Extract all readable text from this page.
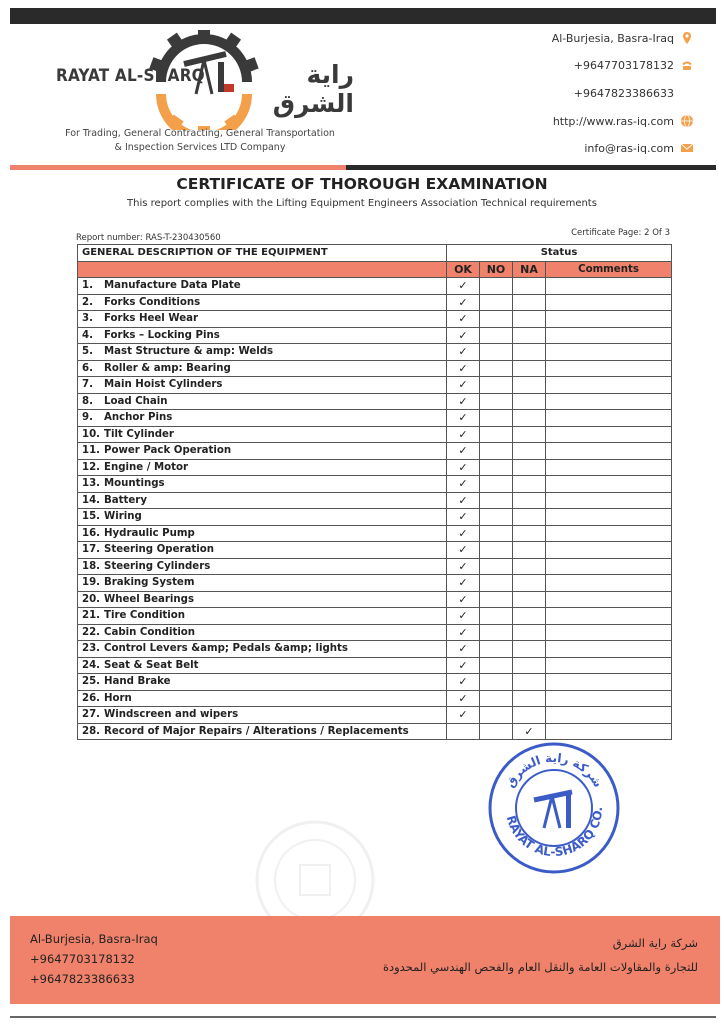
RAYAT AL-SHARQ	راية الشرق
For Trading, General Contracting, General Transportation
& Inspection Services LTD Company
Al-Burjesia, Basra-Iraq
+9647703178132
+9647823386633
http://www.ras-iq.com
info@ras-iq.com
CERTIFICATE OF THOROUGH EXAMINATION
This report complies with the Lifting Equipment Engineers Association Technical requirements
Report number: RAS-T-230430560	Certificate Page: 2 Of 3
GENERAL DESCRIPTION OF THE EQUIPMENT	Status			
	OK	NO	NA	Comments
1. Manufacture Data Plate	✓			
2. Forks Conditions	✓			
3. Forks Heel Wear	✓			
4. Forks – Locking Pins	✓			
5. Mast Structure & amp: Welds	✓			
6. Roller & amp: Bearing	✓			
7. Main Hoist Cylinders	✓			
8. Load Chain	✓			
9. Anchor Pins	✓			
10. Tilt Cylinder	✓			
11. Power Pack Operation	✓			
12. Engine / Motor	✓			
13. Mountings	✓			
14. Battery	✓			
15. Wiring	✓			
16. Hydraulic Pump	✓			
17. Steering Operation	✓			
18. Steering Cylinders	✓			
19. Braking System	✓			
20. Wheel Bearings	✓			
21. Tire Condition	✓			
22. Cabin Condition	✓			
23. Control Levers &amp; Pedals &amp; lights	✓			
24. Seat & Seat Belt	✓			
25. Hand Brake	✓			
26. Horn	✓			
27. Windscreen and wipers	✓			
28. Record of Major Repairs / Alterations / Replacements			✓	
RAYAT AL-SHARQ CO.
شركة راية الشرق
Al-Burjesia, Basra-Iraq
+9647703178132
+9647823386633
شركة راية الشرق
للتجارة والمقاولات العامة والنقل العام والفحص الهندسي المحدودة
